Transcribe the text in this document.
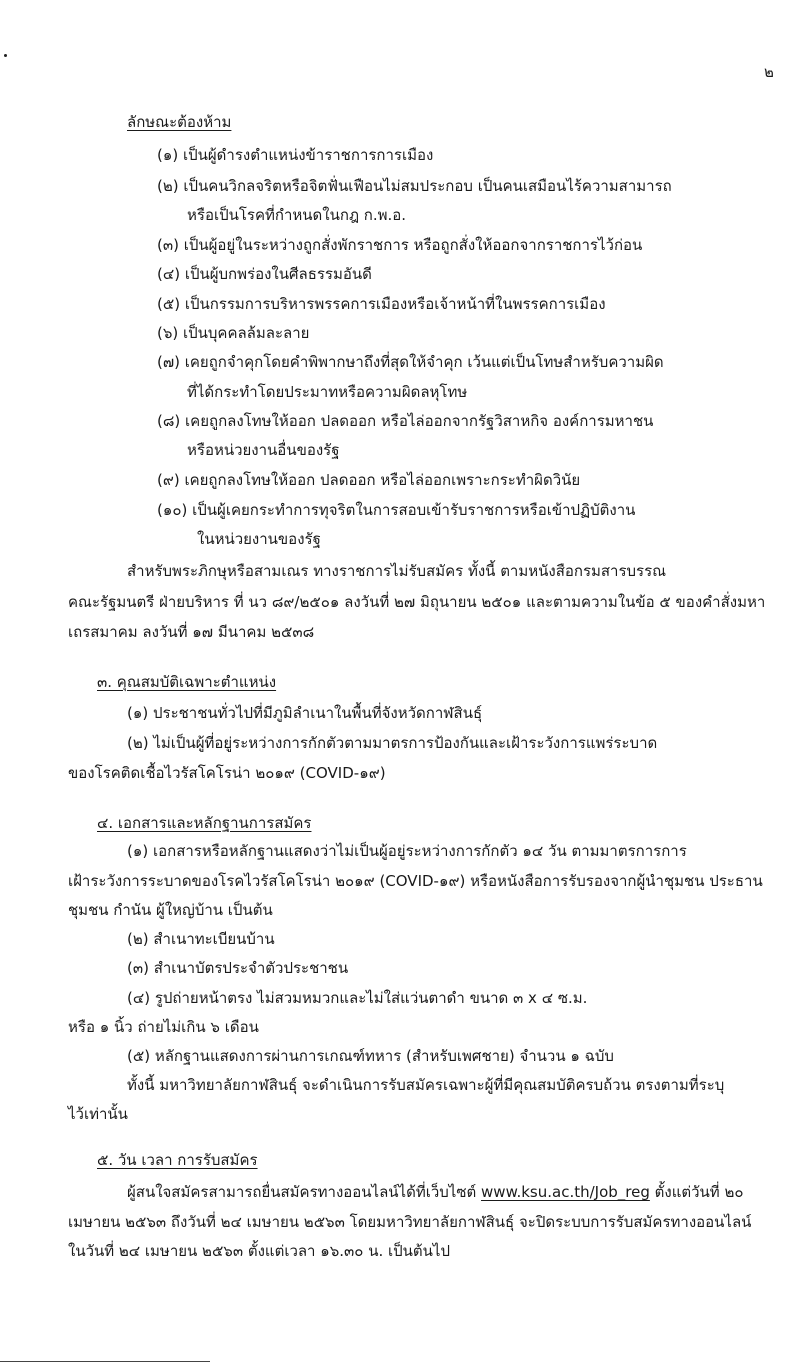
๒
ลักษณะต้องห้าม
(๑) เป็นผู้ดำรงตำแหน่งข้าราชการการเมือง
(๒) เป็นคนวิกลจริตหรือจิตฟั่นเฟือนไม่สมประกอบ เป็นคนเสมือนไร้ความสามารถ
หรือเป็นโรคที่กำหนดในกฎ ก.พ.อ.
(๓) เป็นผู้อยู่ในระหว่างถูกสั่งพักราชการ หรือถูกสั่งให้ออกจากราชการไว้ก่อน
(๔) เป็นผู้บกพร่องในศีลธรรมอันดี
(๕) เป็นกรรมการบริหารพรรคการเมืองหรือเจ้าหน้าที่ในพรรคการเมือง
(๖) เป็นบุคคลล้มละลาย
(๗) เคยถูกจำคุกโดยคำพิพากษาถึงที่สุดให้จำคุก เว้นแต่เป็นโทษสำหรับความผิด
ที่ได้กระทำโดยประมาทหรือความผิดลหุโทษ
(๘) เคยถูกลงโทษให้ออก ปลดออก หรือไล่ออกจากรัฐวิสาหกิจ องค์การมหาชน
หรือหน่วยงานอื่นของรัฐ
(๙) เคยถูกลงโทษให้ออก ปลดออก หรือไล่ออกเพราะกระทำผิดวินัย
(๑๐) เป็นผู้เคยกระทำการทุจริตในการสอบเข้ารับราชการหรือเข้าปฏิบัติงาน
ในหน่วยงานของรัฐ
สำหรับพระภิกษุหรือสามเณร ทางราชการไม่รับสมัคร ทั้งนี้ ตามหนังสือกรมสารบรรณ
คณะรัฐมนตรี ฝ่ายบริหาร ที่ นว ๘๙/๒๕๐๑ ลงวันที่ ๒๗ มิถุนายน ๒๕๐๑ และตามความในข้อ ๕ ของคำสั่งมหา
เถรสมาคม ลงวันที่ ๑๗ มีนาคม ๒๕๓๘
๓. คุณสมบัติเฉพาะตำแหน่ง
(๑) ประชาชนทั่วไปที่มีภูมิลำเนาในพื้นที่จังหวัดกาฬสินธุ์
(๒) ไม่เป็นผู้ที่อยู่ระหว่างการกักตัวตามมาตรการป้องกันและเฝ้าระวังการแพร่ระบาด
ของโรคติดเชื้อไวรัสโคโรน่า ๒๐๑๙ (COVID-๑๙)
๔. เอกสารและหลักฐานการสมัคร
(๑) เอกสารหรือหลักฐานแสดงว่าไม่เป็นผู้อยู่ระหว่างการกักตัว ๑๔ วัน ตามมาตรการการ
เฝ้าระวังการระบาดของโรคไวรัสโคโรน่า ๒๐๑๙ (COVID-๑๙) หรือหนังสือการรับรองจากผู้นำชุมชน ประธาน
ชุมชน กำนัน ผู้ใหญ่บ้าน เป็นต้น
(๒) สำเนาทะเบียนบ้าน
(๓) สำเนาบัตรประจำตัวประชาชน
(๔) รูปถ่ายหน้าตรง ไม่สวมหมวกและไม่ใส่แว่นตาดำ ขนาด ๓ x ๔ ซ.ม.
หรือ ๑ นิ้ว ถ่ายไม่เกิน ๖ เดือน
(๕) หลักฐานแสดงการผ่านการเกณฑ์ทหาร (สำหรับเพศชาย) จำนวน ๑ ฉบับ
ทั้งนี้ มหาวิทยาลัยกาฬสินธุ์ จะดำเนินการรับสมัครเฉพาะผู้ที่มีคุณสมบัติครบถ้วน ตรงตามที่ระบุ
ไว้เท่านั้น
๕. วัน เวลา การรับสมัคร
ผู้สนใจสมัครสามารถยื่นสมัครทางออนไลน์ได้ที่เว็บไซต์ www.ksu.ac.th/Job_reg ตั้งแต่วันที่ ๒๐
เมษายน ๒๕๖๓ ถึงวันที่ ๒๔ เมษายน ๒๕๖๓ โดยมหาวิทยาลัยกาฬสินธุ์ จะปิดระบบการรับสมัครทางออนไลน์
ในวันที่ ๒๔ เมษายน ๒๕๖๓ ตั้งแต่เวลา ๑๖.๓๐ น. เป็นต้นไป
